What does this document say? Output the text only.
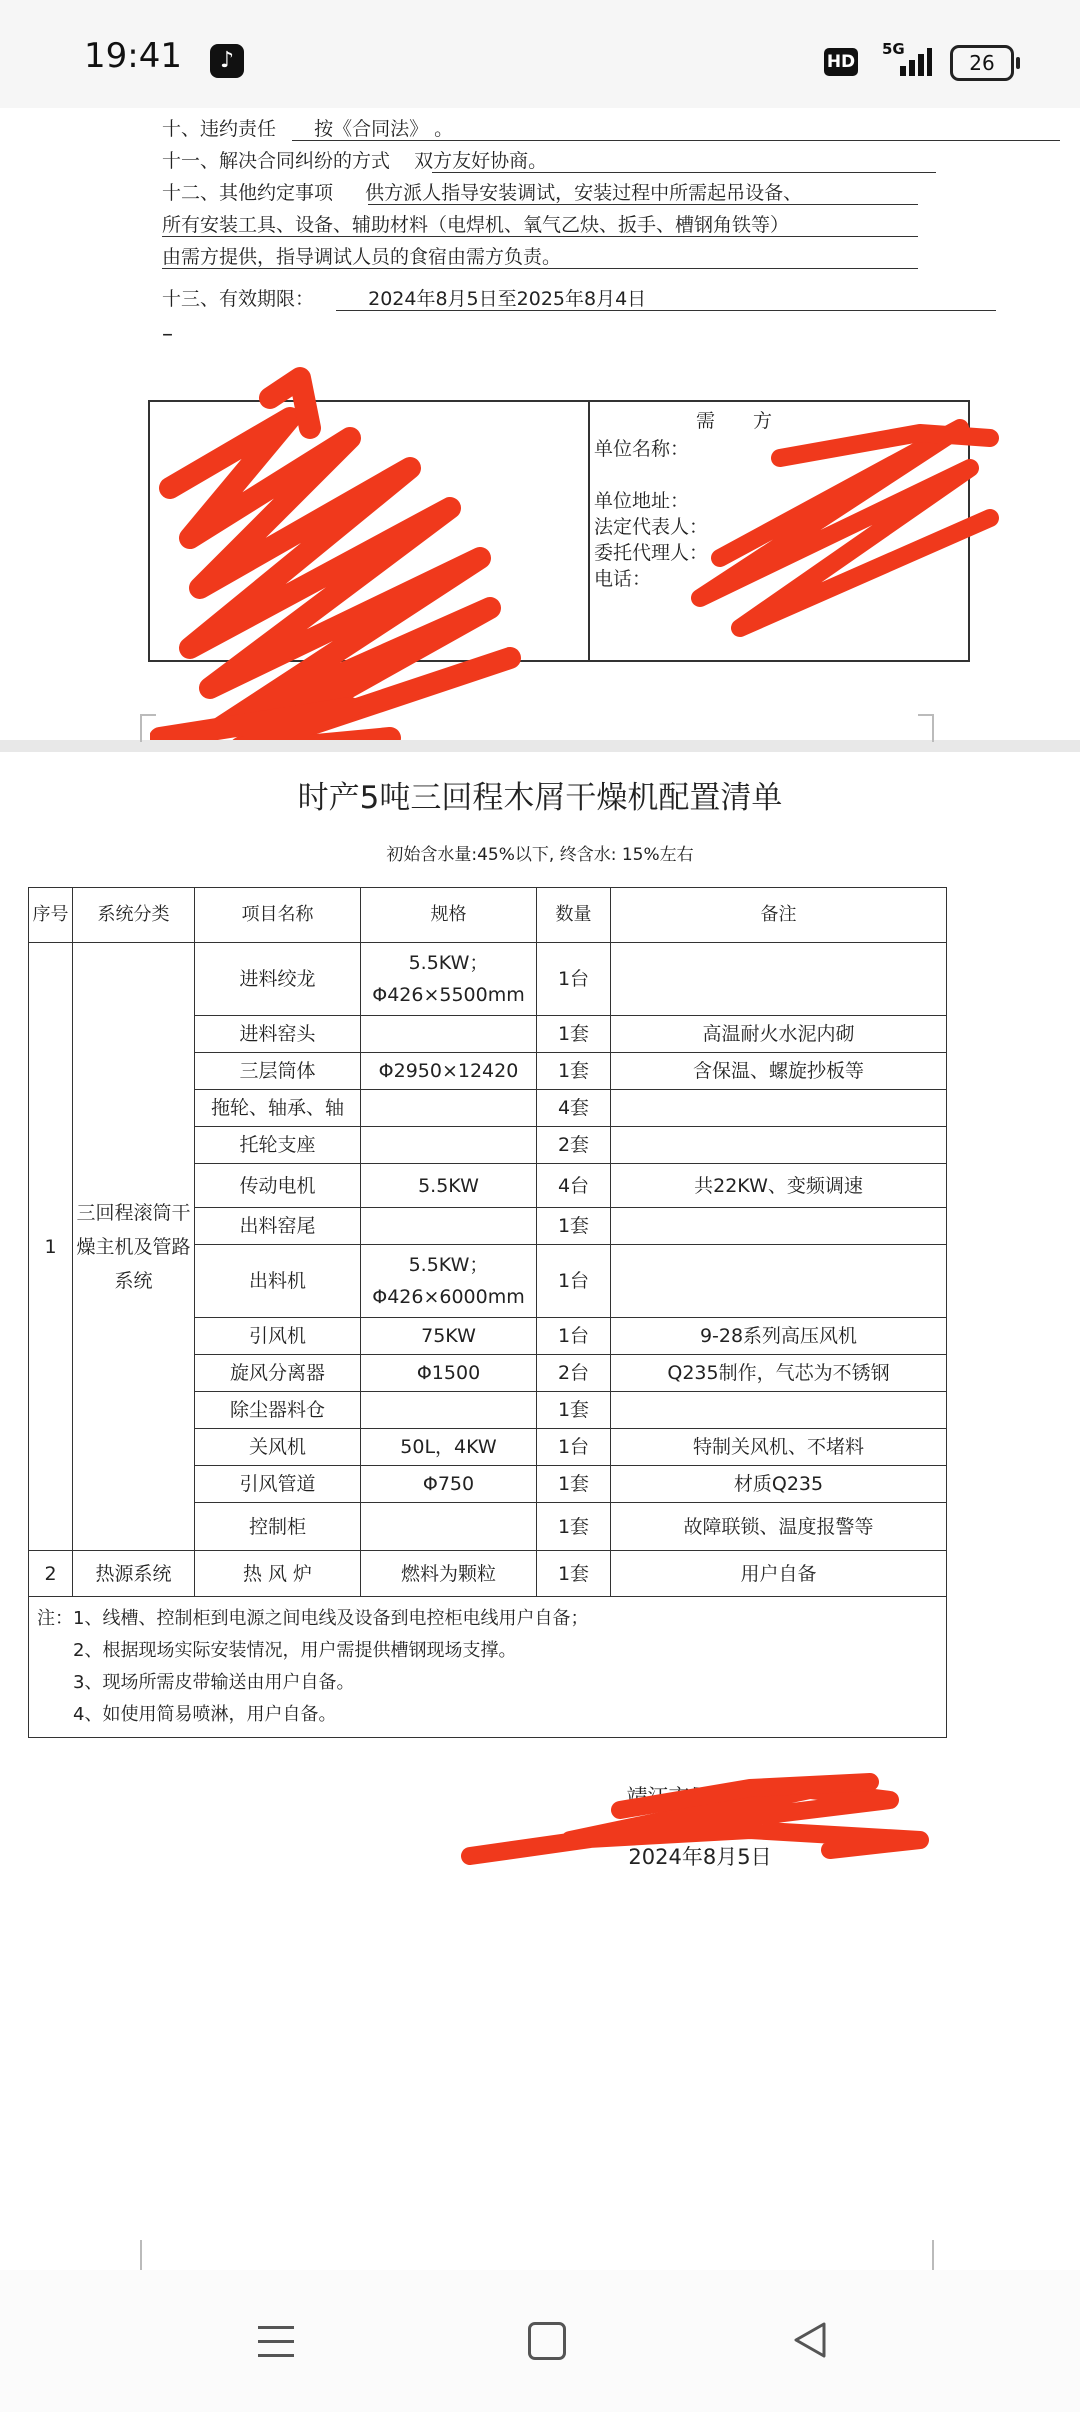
19:41	♪	HD
5G
26
十、违约责任 按《合同法》 。
十一、解决合同纠纷的方式 双方友好协商。
十二、其他约定事项 供方派人指导安装调试，安装过程中所需起吊设备、
所有安装工具、设备、辅助材料（电焊机、氧气乙炔、扳手、槽钢角铁等）
由需方提供，指导调试人员的食宿由需方负责。
十三、有效期限：	2024年8月5日至2025年8月4日
–
需　　方
单位名称：
单位地址：
法定代表人：
委托代理人：
电话：
时产5吨三回程木屑干燥机配置清单
初始含水量:45%以下, 终含水: 15%左右
序号	系统分类	项目名称	规格	数量	备注
1	三回程滚筒干燥主机及管路系统	进料绞龙	5.5KW；
Φ426×5500mm	1台	
		进料窑头		1套	高温耐火水泥内砌
		三层筒体	Φ2950×12420	1套	含保温、螺旋抄板等
		拖轮、轴承、轴		4套	
		托轮支座		2套	
		传动电机	5.5KW	4台	共22KW、变频调速
		出料窑尾		1套	
		出料机	5.5KW；
Φ426×6000mm	1台	
		引风机	75KW	1台	9-28系列高压风机
		旋风分离器	Φ1500	2台	Q235制作，气芯为不锈钢
		除尘器料仓		1套	
		关风机	50L，4KW	1台	特制关风机、不堵料
		引风管道	Φ750	1套	材质Q235
		控制柜		1套	故障联锁、温度报警等
2	热源系统	热 风 炉	燃料为颗粒	1套	用户自备

注：1、线槽、控制柜到电源之间电线及设备到电控柜电线用户自备；
　　2、根据现场实际安装情况，用户需提供槽钢现场支撑。
　　3、现场所需皮带输送由用户自备。
　　4、如使用简易喷淋，用户自备。					
靖江市星光干燥
2024年8月5日
